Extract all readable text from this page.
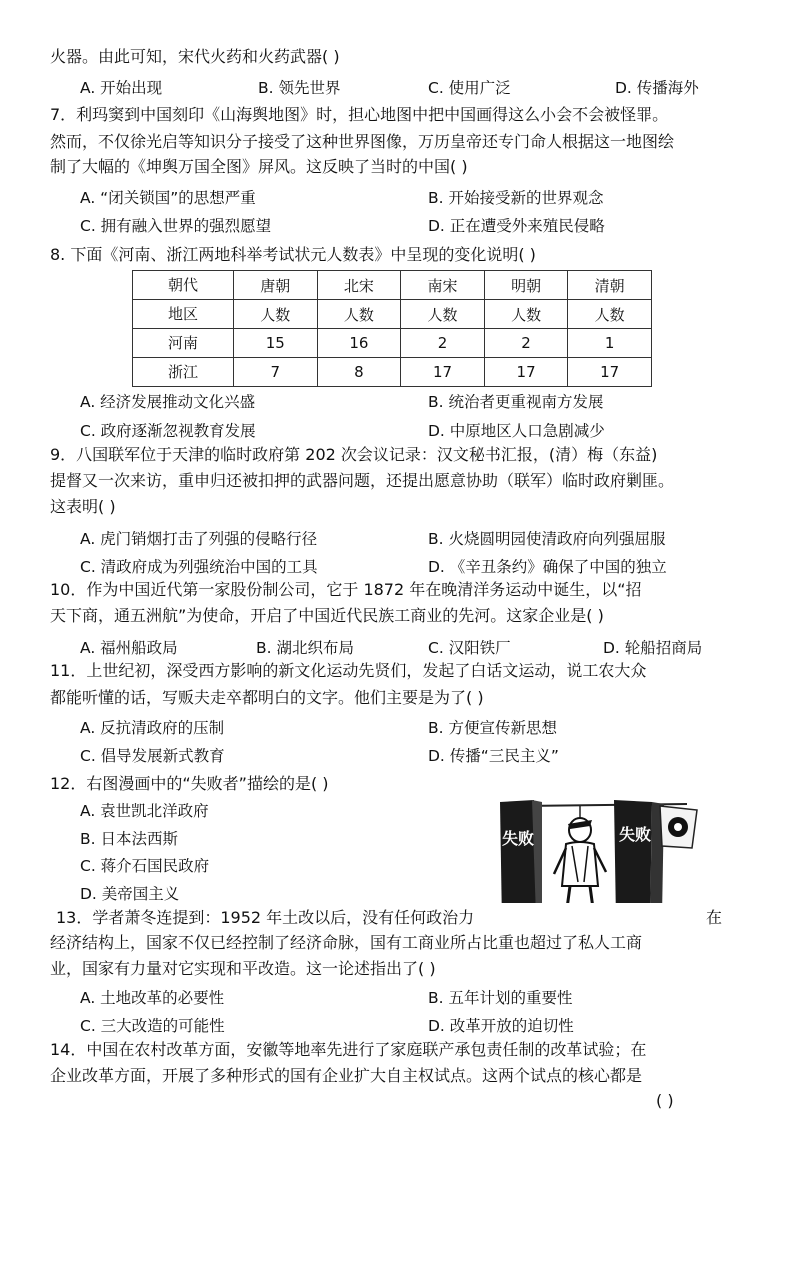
火器。由此可知，宋代火药和火药武器( )
A. 开始出现	B. 领先世界	C. 使用广泛	D. 传播海外
7．利玛窦到中国刻印《山海舆地图》时，担心地图中把中国画得这么小会不会被怪罪。
然而，不仅徐光启等知识分子接受了这种世界图像，万历皇帝还专门命人根据这一地图绘
制了大幅的《坤舆万国全图》屏风。这反映了当时的中国( )
A. “闭关锁国”的思想严重	B. 开始接受新的世界观念
C. 拥有融入世界的强烈愿望	D. 正在遭受外来殖民侵略
8. 下面《河南、浙江两地科举考试状元人数表》中呈现的变化说明( )
朝代	唐朝	北宋	南宋	明朝	清朝
地区	人数	人数	人数	人数	人数
河南	15	16	2	2	1
浙江	7	8	17	17	17
A. 经济发展推动文化兴盛	B. 统治者更重视南方发展
C. 政府逐渐忽视教育发展	D. 中原地区人口急剧减少
9．八国联军位于天津的临时政府第 202 次会议记录：汉文秘书汇报，(清）梅（东益)
提督又一次来访，重申归还被扣押的武器问题，还提出愿意协助（联军）临时政府剿匪。
这表明( )
A. 虎门销烟打击了列强的侵略行径	B. 火烧圆明园使清政府向列强屈服
C. 清政府成为列强统治中国的工具	D. 《辛丑条约》确保了中国的独立
10．作为中国近代第一家股份制公司，它于 1872 年在晚清洋务运动中诞生，以“招
天下商，通五洲航”为使命，开启了中国近代民族工商业的先河。这家企业是( )
A. 福州船政局	B. 湖北织布局	C. 汉阳铁厂	D. 轮船招商局
11．上世纪初，深受西方影响的新文化运动先贤们，发起了白话文运动，说工农大众
都能听懂的话，写贩夫走卒都明白的文字。他们主要是为了( )
A. 反抗清政府的压制	B. 方便宣传新思想
C. 倡导发展新式教育	D. 传播“三民主义”
12．右图漫画中的“失败者”描绘的是( )
A. 袁世凯北洋政府
B. 日本法西斯
C. 蒋介石国民政府
D. 美帝国主义
失败	失败
13．学者萧冬连提到：1952 年土改以后，没有任何政治力	在
经济结构上，国家不仅已经控制了经济命脉，国有工商业所占比重也超过了私人工商
业，国家有力量对它实现和平改造。这一论述指出了( )
A. 土地改革的必要性	B. 五年计划的重要性
C. 三大改造的可能性	D. 改革开放的迫切性
14．中国在农村改革方面，安徽等地率先进行了家庭联产承包责任制的改革试验；在
企业改革方面，开展了多种形式的国有企业扩大自主权试点。这两个试点的核心都是
( )
